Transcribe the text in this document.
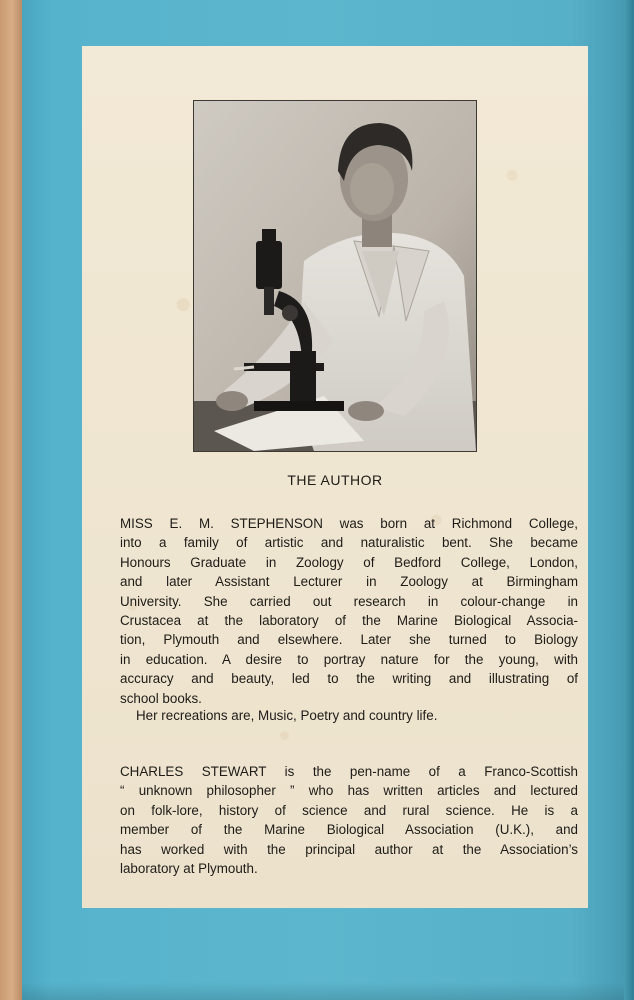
THE AUTHOR
MISS E. M. STEPHENSON was born at Richmond College,
into a family of artistic and naturalistic bent. She became
Honours Graduate in Zoology of Bedford College, London,
and later Assistant Lecturer in Zoology at Birmingham
University. She carried out research in colour-change in
Crustacea at the laboratory of the Marine Biological Associa-
tion, Plymouth and elsewhere. Later she turned to Biology
in education. A desire to portray nature for the young, with
accuracy and beauty, led to the writing and illustrating of
school books.
Her recreations are, Music, Poetry and country life.
CHARLES STEWART is the pen-name of a Franco-Scottish
“ unknown philosopher ” who has written articles and lectured
on folk-lore, history of science and rural science. He is a
member of the Marine Biological Association (U.K.), and
has worked with the principal author at the Association’s
laboratory at Plymouth.
